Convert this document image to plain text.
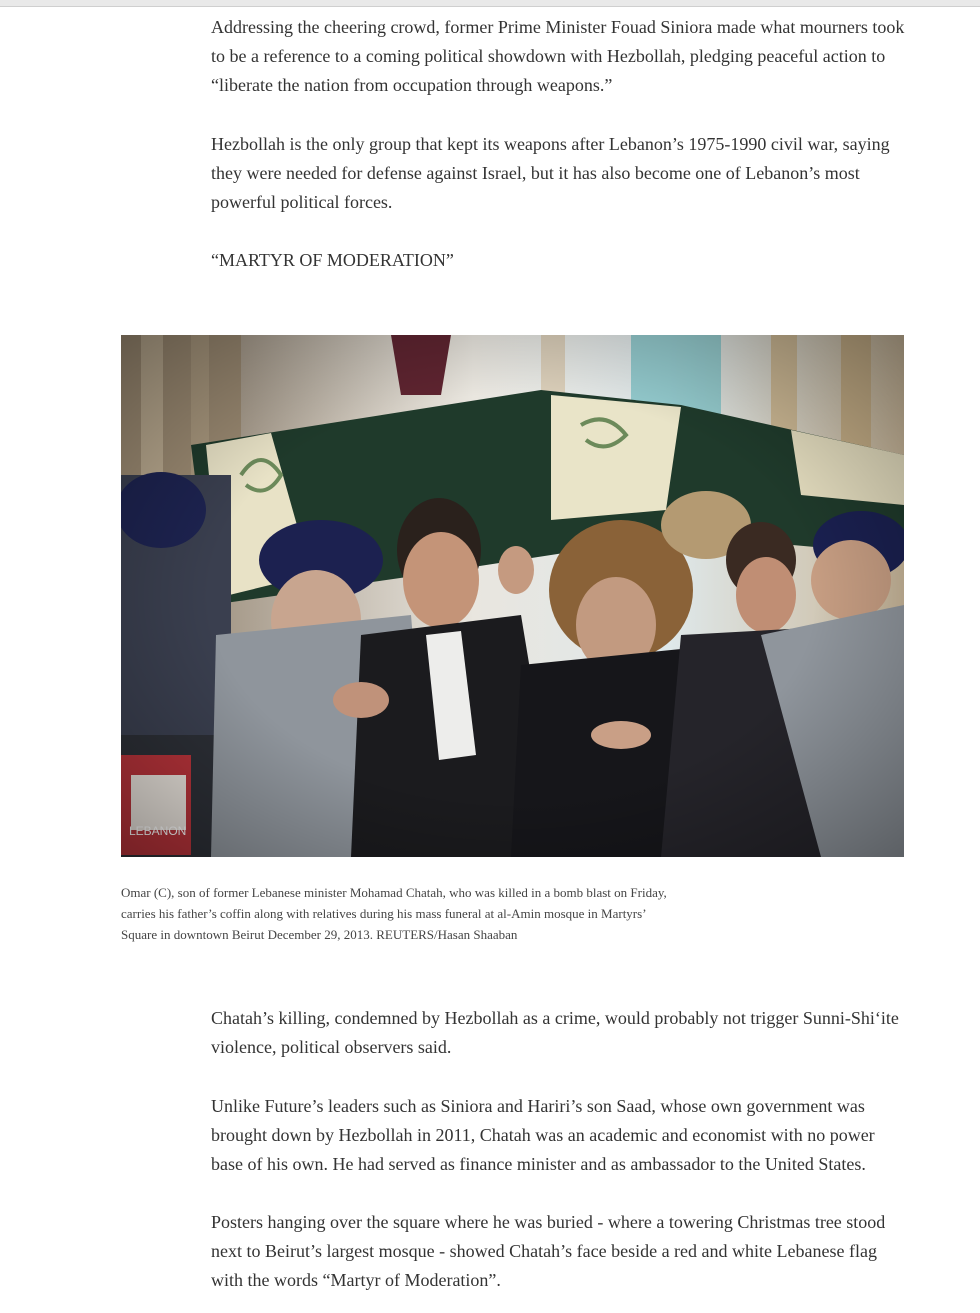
Addressing the cheering crowd, former Prime Minister Fouad Siniora made what mourners took to be a reference to a coming political showdown with Hezbollah, pledging peaceful action to “liberate the nation from occupation through weapons.”

Hezbollah is the only group that kept its weapons after Lebanon’s 1975-1990 civil war, saying they were needed for defense against Israel, but it has also become one of Lebanon’s most powerful political forces.

“MARTYR OF MODERATION”

Omar (C), son of former Lebanese minister Mohamad Chatah, who was killed in a bomb blast on Friday, carries his father’s coffin along with relatives during his mass funeral at al-Amin mosque in Martyrs’ Square in downtown Beirut December 29, 2013. REUTERS/Hasan Shaaban

Chatah’s killing, condemned by Hezbollah as a crime, would probably not trigger Sunni-Shi‘ite violence, political observers said.

Unlike Future’s leaders such as Siniora and Hariri’s son Saad, whose own government was brought down by Hezbollah in 2011, Chatah was an academic and economist with no power base of his own. He had served as finance minister and as ambassador to the United States.

Posters hanging over the square where he was buried - where a towering Christmas tree stood next to Beirut’s largest mosque - showed Chatah’s face beside a red and white Lebanese flag with the words “Martyr of Moderation”.
